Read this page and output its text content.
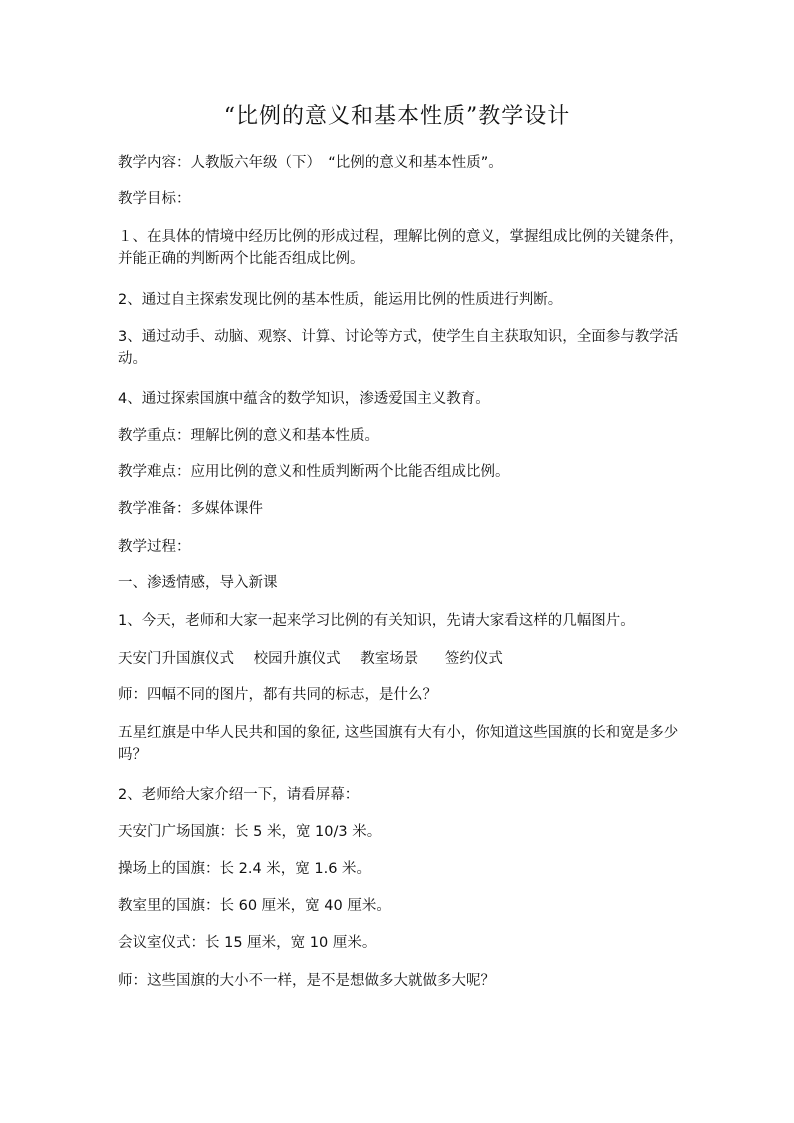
“比例的意义和基本性质”教学设计
教学内容：人教版六年级（下）　“比例的意义和基本性质”。
教学目标：
１、在具体的情境中经历比例的形成过程，理解比例的意义，掌握组成比例的关键条件，并能正确的判断两个比能否组成比例。
2、通过自主探索发现比例的基本性质，能运用比例的性质进行判断。
3、通过动手、动脑、观察、计算、讨论等方式，使学生自主获取知识，全面参与教学活动。
4、通过探索国旗中蕴含的数学知识，渗透爱国主义教育。
教学重点：理解比例的意义和基本性质。
教学难点：应用比例的意义和性质判断两个比能否组成比例。
教学准备：多媒体课件
教学过程：
一、渗透情感，导入新课
1、今天，老师和大家一起来学习比例的有关知识，先请大家看这样的几幅图片。
天安门升国旗仪式 校园升旗仪式 教室场景 签约仪式
师：四幅不同的图片，都有共同的标志，是什么？
五星红旗是中华人民共和国的象征, 这些国旗有大有小，你知道这些国旗的长和宽是多少吗？
2、老师给大家介绍一下，请看屏幕：
天安门广场国旗：长 5 米，宽 10/3 米。
操场上的国旗：长 2.4 米，宽 1.6 米。
教室里的国旗：长 60 厘米，宽 40 厘米。
会议室仪式：长 15 厘米，宽 10 厘米。
师：这些国旗的大小不一样，是不是想做多大就做多大呢？
